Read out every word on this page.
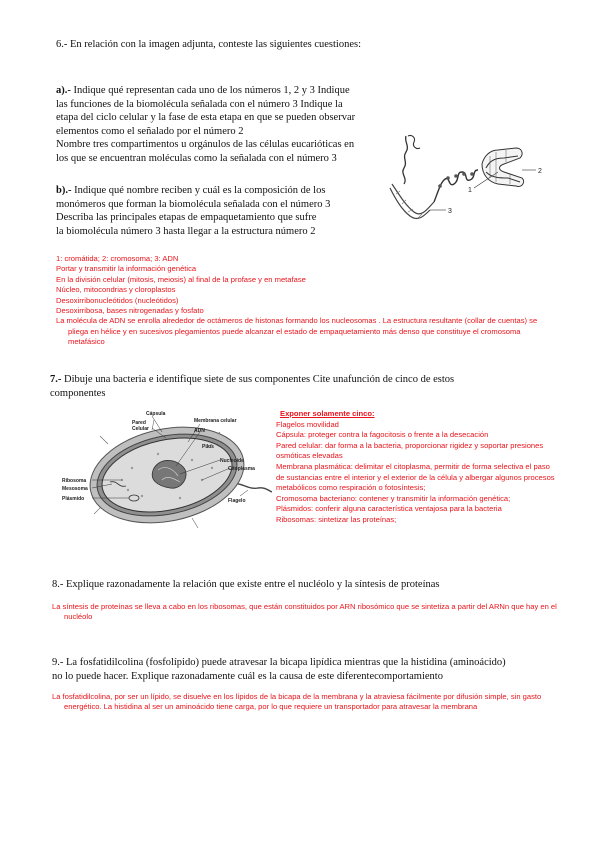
6.- En relación con la imagen adjunta, conteste las siguientes cuestiones:

a).- Indique qué representan cada uno de los números 1, 2 y 3 Indique

las funciones de la biomolécula señalada con el número 3 Indique la

etapa del ciclo celular y la fase de esta etapa en que se pueden observar

elementos como el señalado por el número 2

Nombre tres compartimentos u orgánulos de las células eucarióticas en

los que se encuentran moléculas como la señalada con el número 3

b).- Indique qué nombre reciben y cuál es la composición de los

monómeros que forman la biomolécula señalada con el número 3

Describa las principales etapas de empaquetamiento que sufre

la biomolécula número 3 hasta llegar a la estructura número 2

1
2
3

1: cromátida; 2: cromosoma; 3: ADN

Portar y transmitir la información genética

En la división celular (mitosis, meiosis) al final de la profase y en metafase

Núcleo, mitocondrias y cloroplastos

Desoxirribonucleótidos (nucleótidos)

Desoxirribosa, bases nitrogenadas y fosfato

La molécula de ADN se enrolla alrededor de octámeros de histonas formando los nucleosomas . La estructura resultante (collar de cuentas) se pliega en hélice y en sucesivos plegamientos puede alcanzar el estado de empaquetamiento más denso que constituye el cromosoma metafásico

7.- Dibuje una bacteria e identifique siete de sus componentes Cite unafunción de cinco de estos

componentes

Cápsula
Pared
Celular
Membrana celular
ADN
Pilus
Nucleoide
Citoplasma
Ribosoma
Mesosoma
Plásmido	Flagelo

Exponer solamente cinco:

Flagelos movilidad

Cápsula: proteger contra la fagocitosis o frente a la desecación

Pared celular: dar forma a la bacteria, proporcionar rigidez y soportar presiones osmóticas elevadas

Membrana plasmática: delimitar el citoplasma, permitir de forma selectiva el paso de sustancias entre el interior y el exterior de la célula y albergar algunos procesos metabólicos como respiración o fotosíntesis;

Cromosoma bacteriano: contener y transmitir la información genética;

Plásmidos: conferir alguna característica ventajosa para la bacteria

Ribosomas: sintetizar las proteínas;

8.- Explique razonadamente la relación que existe entre el nucléolo y la síntesis de proteínas
La síntesis de proteínas se lleva a cabo en los ribosomas, que están constituidos por ARN ribosómico que se sintetiza a partir del ARNn que hay en el nucléolo

9.- La fosfatidilcolina (fosfolípido) puede atravesar la bicapa lipídica mientras que la histidina (aminoácido)

no lo puede hacer. Explique razonadamente cuál es la causa de este diferentecomportamiento

La fosfatidilcolina, por ser un lípido, se disuelve en los lípidos de la bicapa de la membrana y la atraviesa fácilmente por difusión simple, sin gasto energético. La histidina al ser un aminoácido tiene carga, por lo que requiere un transportador para atravesar la membrana
